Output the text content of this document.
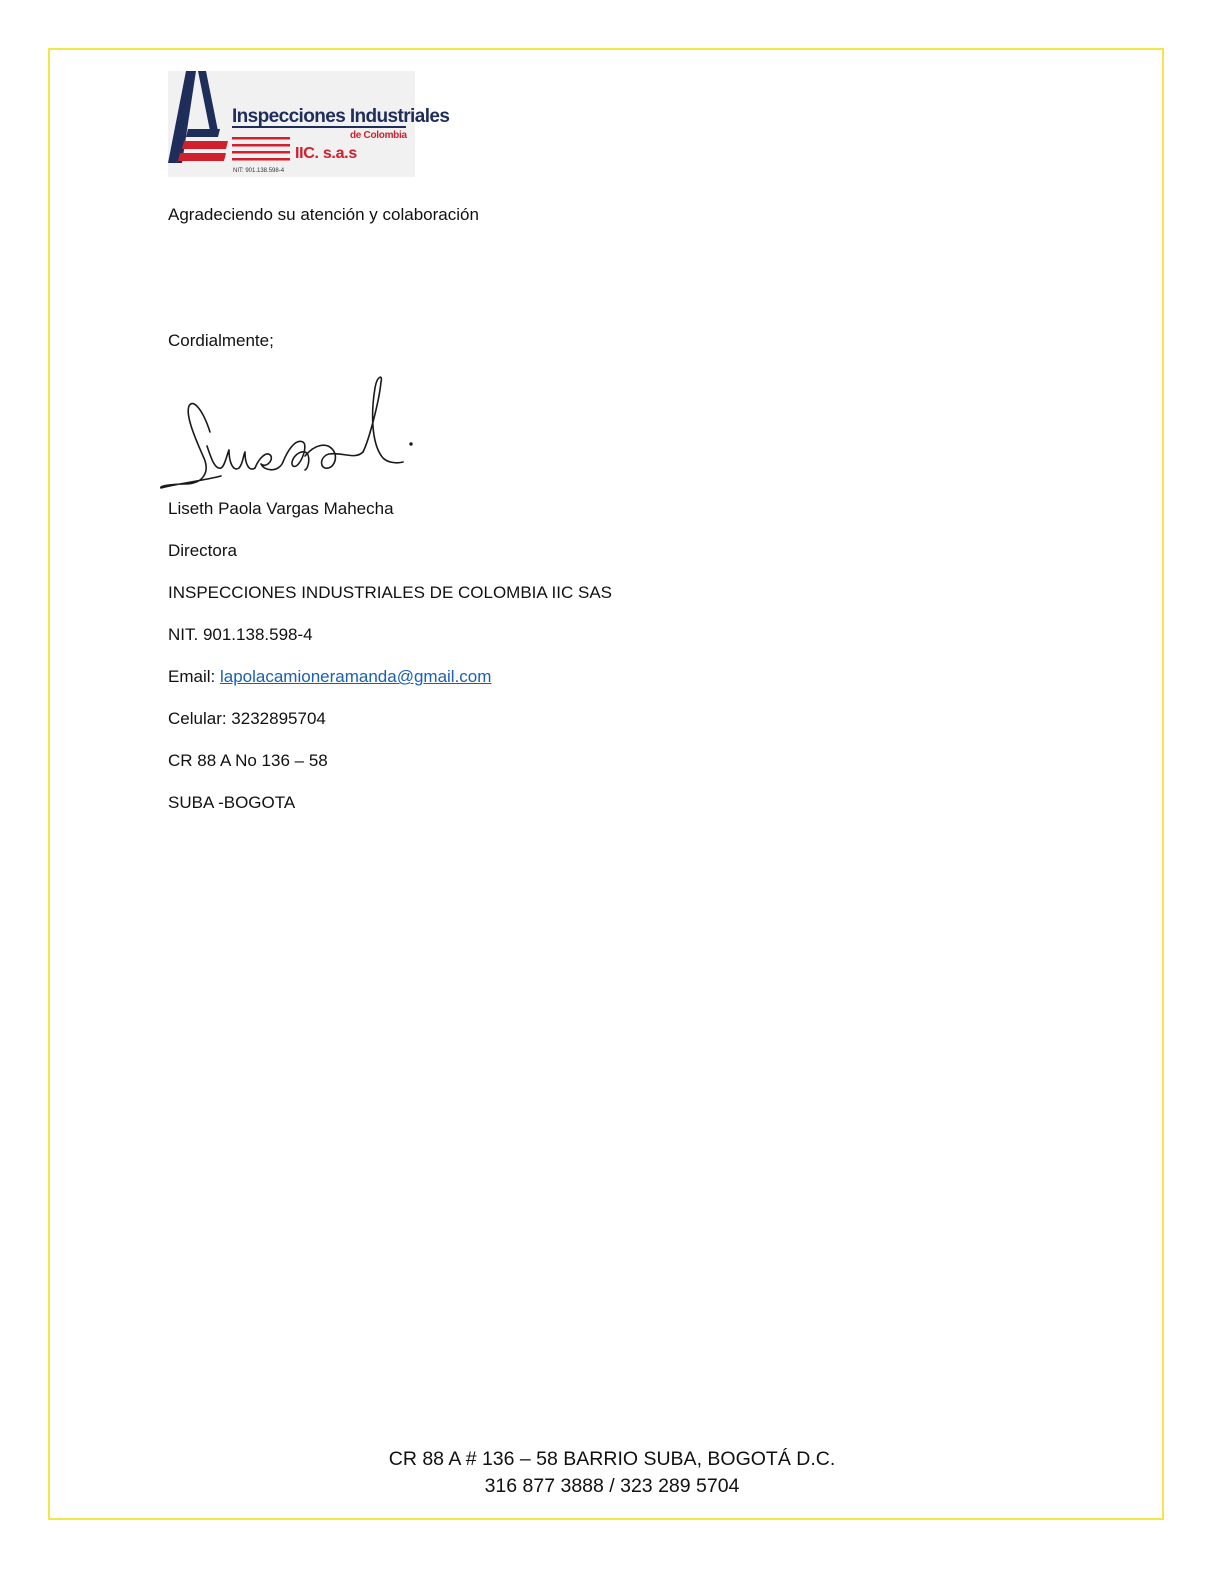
Inspecciones Industriales
de Colombia
IIC. s.a.s
NIT: 901.138.598-4
Agradeciendo su atención y colaboración
Cordialmente;
Liseth Paola Vargas Mahecha
Directora
INSPECCIONES INDUSTRIALES DE COLOMBIA IIC SAS
NIT. 901.138.598-4
Email: lapolacamioneramanda@gmail.com
Celular: 3232895704
CR 88 A No 136 – 58
SUBA -BOGOTA
CR 88 A # 136 – 58 BARRIO SUBA, BOGOTÁ D.C.
316 877 3888 / 323 289 5704
